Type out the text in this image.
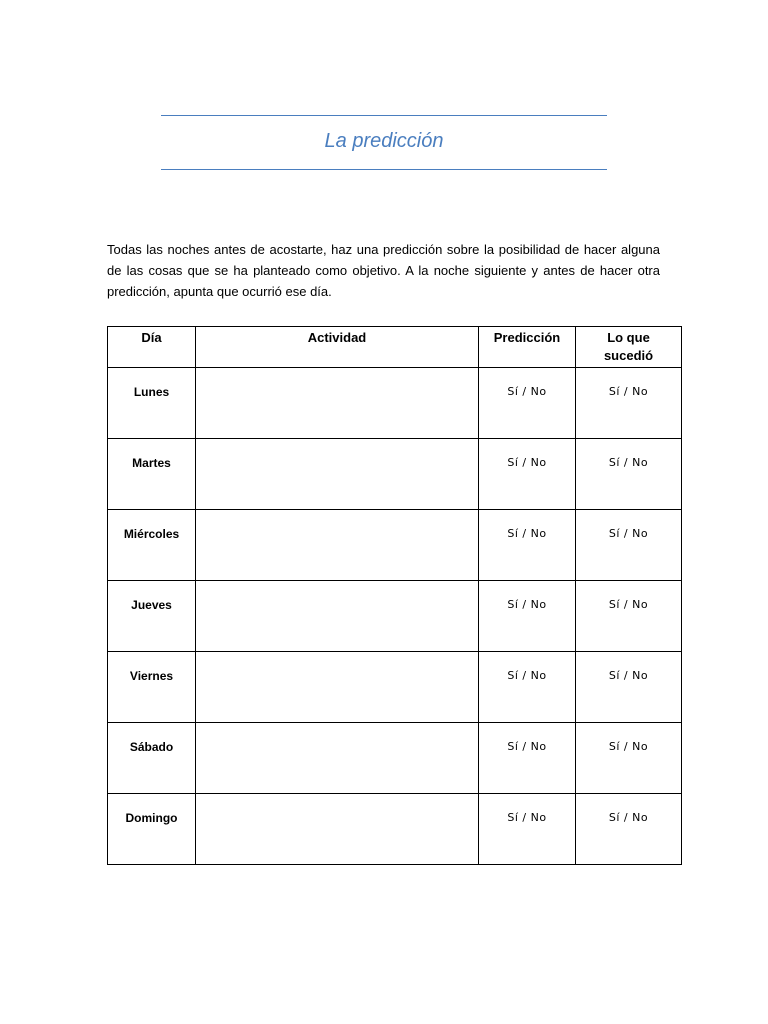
La predicción

Todas las noches antes de acostarte, haz una predicción sobre la posibilidad de hacer alguna de las cosas que se ha planteado como objetivo. A la noche siguiente y antes de hacer otra predicción, apunta que ocurrió ese día.

Día	Actividad	Predicción	Lo que sucedió

Lunes		Sí / No	Sí / No

Martes		Sí / No	Sí / No

Miércoles		Sí / No	Sí / No

Jueves		Sí / No	Sí / No

Viernes		Sí / No	Sí / No

Sábado		Sí / No	Sí / No

Domingo		Sí / No	Sí / No
